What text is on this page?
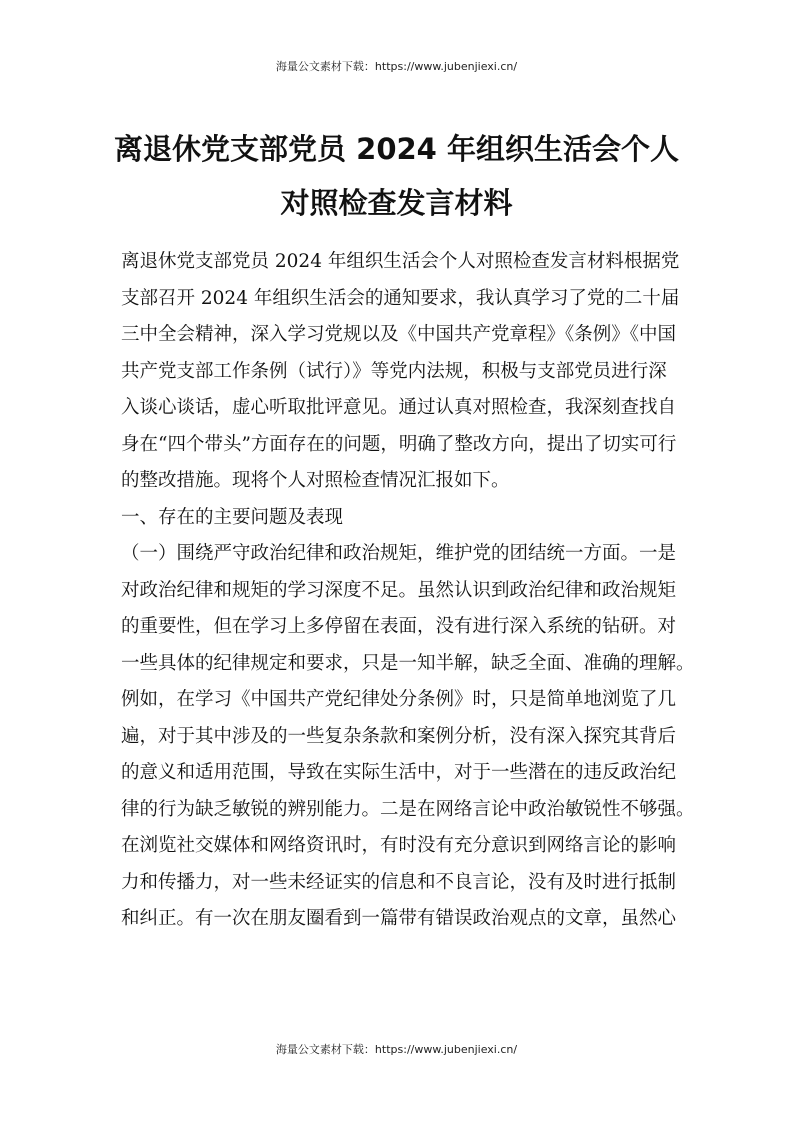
海量公文素材下载：https://www.jubenjiexi.cn/
离退休党支部党员 2024 年组织生活会个人
对照检查发言材料
离退休党支部党员 2024 年组织生活会个人对照检查发言材料根据党
支部召开 2024 年组织生活会的通知要求，我认真学习了党的二十届
三中全会精神，深入学习党规以及《中国共产党章程》《条例》《中国
共产党支部工作条例（试行）》等党内法规，积极与支部党员进行深
入谈心谈话，虚心听取批评意见。通过认真对照检查，我深刻查找自
身在“四个带头”方面存在的问题，明确了整改方向，提出了切实可行
的整改措施。现将个人对照检查情况汇报如下。
一、存在的主要问题及表现
（一）围绕严守政治纪律和政治规矩，维护党的团结统一方面。一是
对政治纪律和规矩的学习深度不足。虽然认识到政治纪律和政治规矩
的重要性，但在学习上多停留在表面，没有进行深入系统的钻研。对
一些具体的纪律规定和要求，只是一知半解，缺乏全面、准确的理解。
例如，在学习《中国共产党纪律处分条例》时，只是简单地浏览了几
遍，对于其中涉及的一些复杂条款和案例分析，没有深入探究其背后
的意义和适用范围，导致在实际生活中，对于一些潜在的违反政治纪
律的行为缺乏敏锐的辨别能力。二是在网络言论中政治敏锐性不够强。
在浏览社交媒体和网络资讯时，有时没有充分意识到网络言论的影响
力和传播力，对一些未经证实的信息和不良言论，没有及时进行抵制
和纠正。有一次在朋友圈看到一篇带有错误政治观点的文章，虽然心
海量公文素材下载：https://www.jubenjiexi.cn/
